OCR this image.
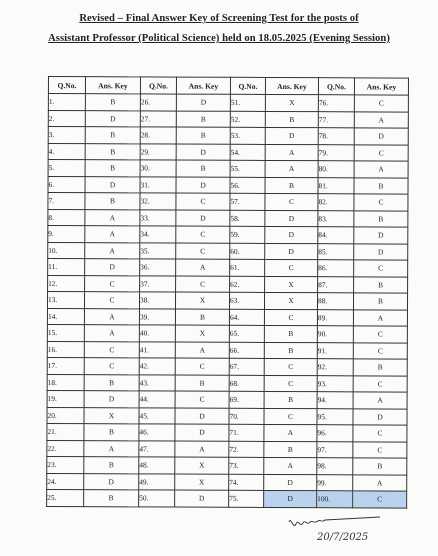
Revised – Final Answer Key of Screening Test for the posts of
Assistant Professor (Political Science) held on 18.05.2025 (Evening Session)
Q.No.	Ans. Key	Q.No.	Ans. Key	Q.No.	Ans. Key	Q.No.	Ans. Key
1.	B	26.	D	51.	X	76.	C
2.	D	27.	B	52.	B	77.	A
3.	B	28.	B	53.	D	78.	D
4.	B	29.	D	54.	A	79.	C
5.	B	30.	B	55.	A	80.	A
6.	D	31.	D	56.	B	81.	B
7.	B	32.	C	57.	C	82.	C
8.	A	33.	D	58.	D	83.	B
9.	A	34.	C	59.	D	84.	D
10.	A	35.	C	60.	D	85.	D
11.	D	36.	A	61.	C	86.	C
12.	C	37.	C	62.	X	87.	B
13.	C	38.	X	63.	X	88.	B
14.	A	39.	B	64.	C	89.	A
15.	A	40.	X	65.	B	90.	C
16.	C	41.	A	66.	B	91.	C
17.	C	42.	C	67.	C	92.	B
18.	B	43.	B	68.	C	93.	C
19.	D	44.	C	69.	B	94.	A
20.	X	45.	D	70.	C	95.	D
21.	B	46.	D	71.	A	96.	C
22.	A	47.	A	72.	B	97.	C
23.	B	48.	X	73.	A	98.	B
24.	D	49.	X	74.	D	99.	A
25.	B	50.	D	75.	D	100.	C
20/7/2025
